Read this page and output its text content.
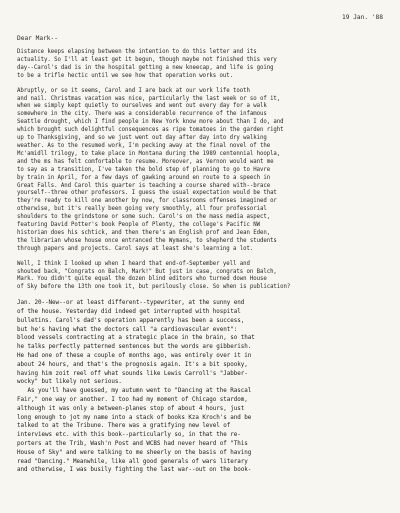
19 Jan. '88
Dear Mark--

Distance keeps elapsing between the intention to do this letter and its
actuality. So I'll at least get it begun, though maybe not finished this very
day--Carol's dad is in the hospital getting a new kneecap, and life is going
to be a trifle hectic until we see how that operation works out.

Abruptly, or so it seems, Carol and I are back at our work life tooth
and nail. Christmas vacation was nice, particularly the last week or so of it,
when we simply kept quietly to ourselves and went out every day for a walk
somewhere in the city. There was a considerable recurrence of the infamous
Seattle drought, which I find people in New York know more about than I do, and
which brought such delightful consequences as ripe tomatoes in the garden right
up to Thanksgiving, and so we just went out day after day into dry walking
weather. As to the resumed work, I'm pecking away at the final novel of the
Mc'amidll trilogy, to take place in Montana during the 1989 centennial hoopla,
and the ms has felt comfortable to resume. Moreover, as Vernon would want me
to say as a transition, I've taken the bold step of planning to go to Havre
by train in April, for a few days of gawking around en route to a speech in
Great Falls. And Carol this quarter is teaching a course shared with--brace
yourself--three other professors. I guess the usual expectation would be that
they're ready to kill one another by now, for classrooms offenses imagined or
otherwise, but it's really been going very smoothly, all four professorial
shoulders to the grindstone or some such. Carol's on the mass media aspect,
featuring David Potter's book People of Plenty, the college's Pacific NW
historian does his schtick, and then there's an English prof and Jean Eden,
the librarian whose house once entranced the Wymans, to shepherd the students
through papers and projects. Carol says at least she's learning a lot.

Well, I think I looked up when I heard that end-of-September yell and
shouted back, "Congrats on Balch, Mark!" But just in case, congrats on Balch,
Mark. You didn't quite equal the dozen blind editors who turned down House
of Sky before the 13th one took it, but perilously close. So when is publication?

Jan. 20--New--or at least different--typewriter, at the sunny end
of the house. Yesterday did indeed get interrupted with hospital
bulletins. Carol's dad's operation apparently has been a success,
but he's having what the doctors call "a cardiovascular event":
blood vessels contracting at a strategic place in the brain, so that
he talks perfectly patterned sentences but the words are gibberish.
He had one of these a couple of months ago, was entirely over it in
about 24 hours, and that's the prognosis again. It's a bit spooky,
having him zoit reel off what sounds like Lewis Carroll's "Jabber-
wocky" but likely not serious.

As you'll have guessed, my autumn went to "Dancing at the Rascal
Fair," one way or another. I too had my moment of Chicago stardom,
although it was only a between-planes stop of about 4 hours, just
long enough to jot my name into a stack of books Kza Kroch's and be
talked to at the Tribune. There was a gratifying new level of
interviews etc. with this book--particularly so, in that the re-
porters at the Trib, Wash'n Post and WCBS had never heard of "This
House of Sky" and were talking to me sheerly on the basis of having
read "Dancing." Meanwhile, like all good generals of wars literary
and otherwise, I was busily fighting the last war--out on the book-
